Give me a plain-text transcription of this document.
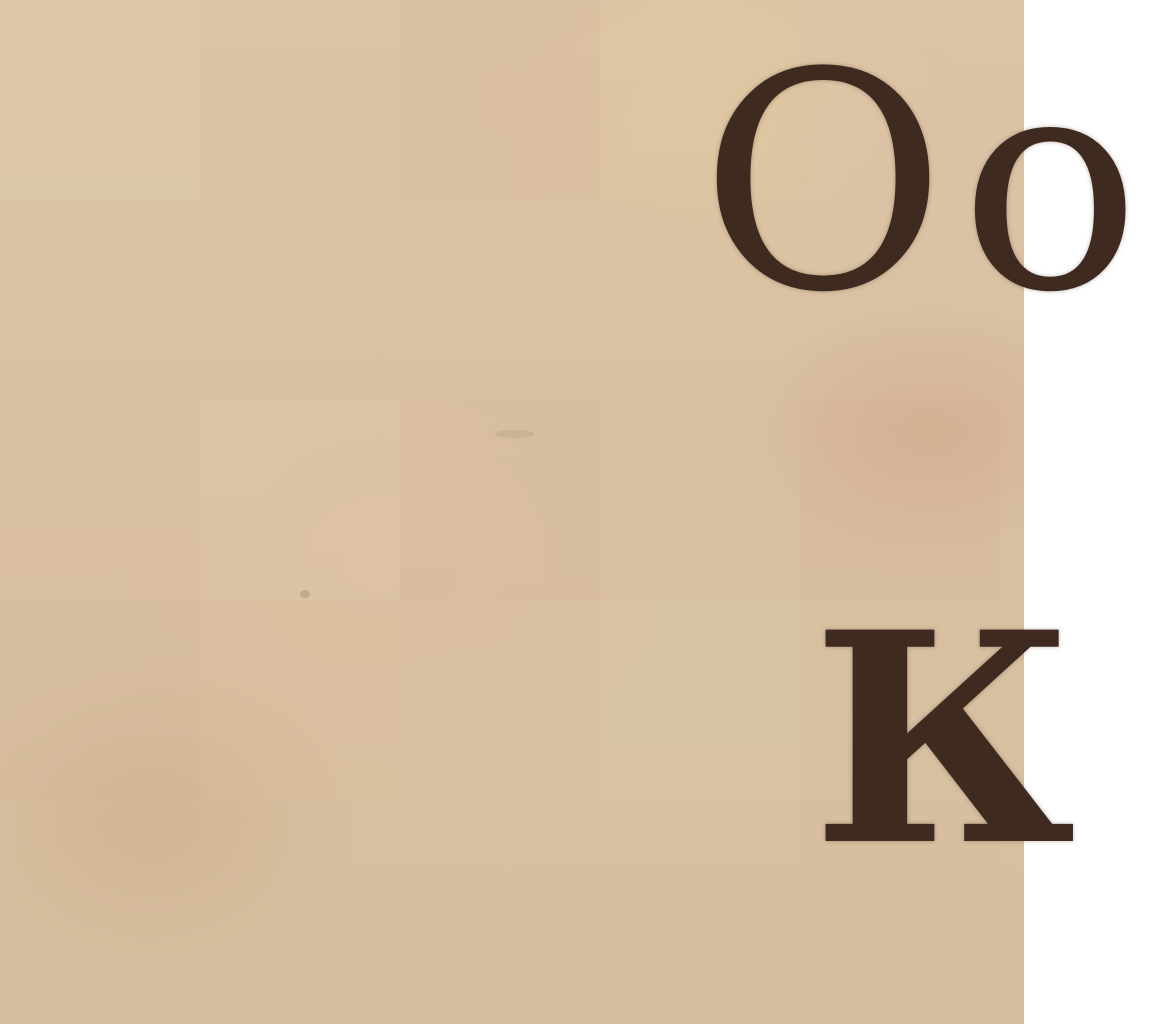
Оо

К
